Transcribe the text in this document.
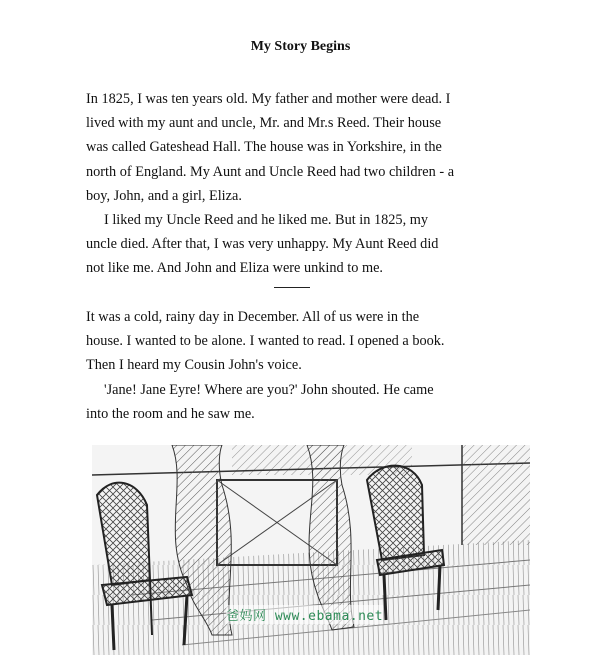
My Story Begins

In 1825, I was ten years old. My father and mother were dead. I
lived with my aunt and uncle, Mr. and Mr.s Reed. Their house
was called Gateshead Hall. The house was in Yorkshire, in the
north of England. My Aunt and Uncle Reed had two children - a
boy, John, and a girl, Eliza.

I liked my Uncle Reed and he liked me. But in 1825, my
uncle died. After that, I was very unhappy. My Aunt Reed did
not like me. And John and Eliza were unkind to me.

It was a cold, rainy day in December. All of us were in the
house. I wanted to be alone. I wanted to read. I opened a book.
Then I heard my Cousin John's voice.

'Jane! Jane Eyre! Where are you?' John shouted. He came
into the room and he saw me.

爸妈网 www.ebama.net
